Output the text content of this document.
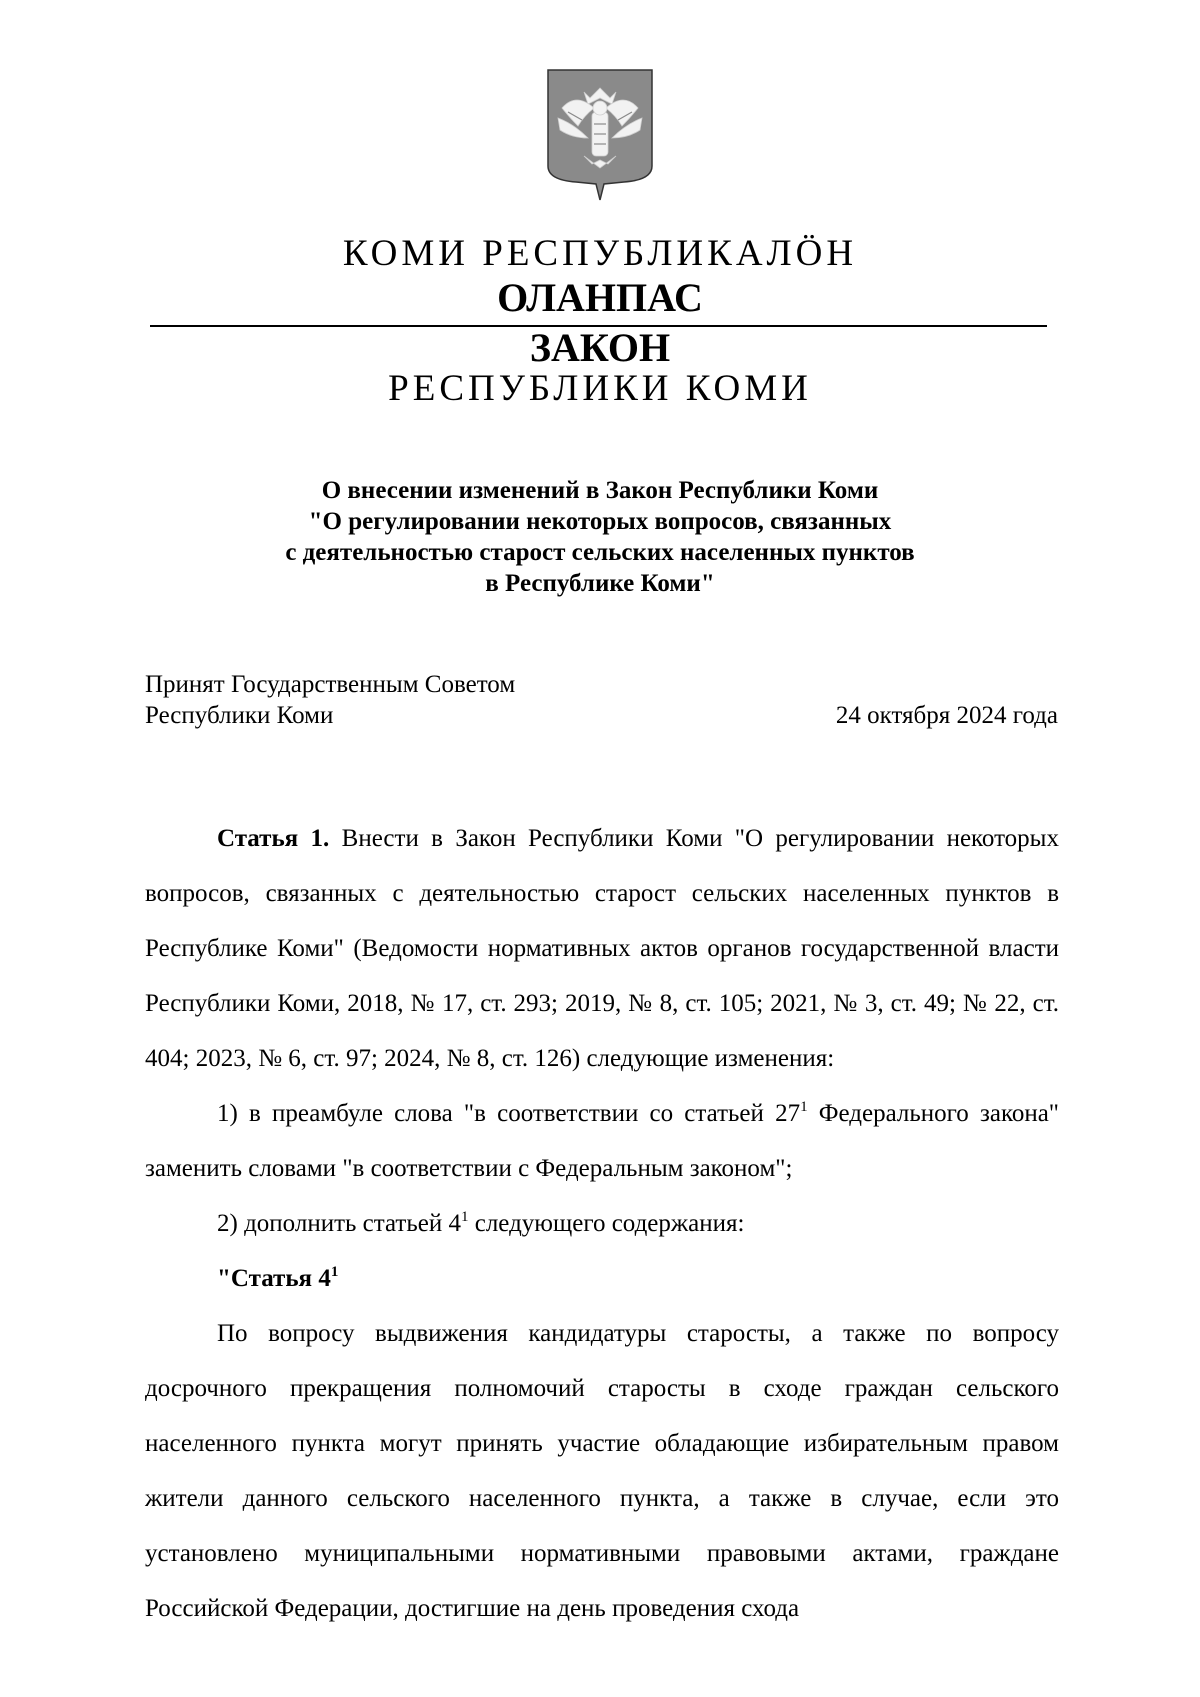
КОМИ РЕСПУБЛИКАЛӦН
ОЛАНПАС
ЗАКОН
РЕСПУБЛИКИ КОМИ
О внесении изменений в Закон Республики Коми
"О регулировании некоторых вопросов, связанных
с деятельностью старост сельских населенных пунктов
в Республике Коми"
Принят Государственным Советом
Республики Коми	24 октября 2024 года

Статья 1. Внести в Закон Республики Коми "О регулировании некоторых вопросов, связанных с деятельностью старост сельских населенных пунктов в Республике Коми" (Ведомости нормативных актов органов государственной власти Республики Коми, 2018, № 17, ст. 293; 2019, № 8, ст. 105; 2021, № 3, ст. 49; № 22, ст. 404; 2023, № 6, ст. 97; 2024, № 8, ст. 126) следующие изменения:

1) в преамбуле слова "в соответствии со статьей $27^1$ Федерального закона" заменить словами "в соответствии с Федеральным законом";

2) дополнить статьей $4^1$ следующего содержания:

"Статья $4^1$

По вопросу выдвижения кандидатуры старосты, а также по вопросу досрочного прекращения полномочий старосты в сходе граждан сельского населенного пункта могут принять участие обладающие избирательным правом жители данного сельского населенного пункта, а также в случае, если это установлено муниципальными нормативными правовыми актами, граждане Российской Федерации, достигшие на день проведения схода
